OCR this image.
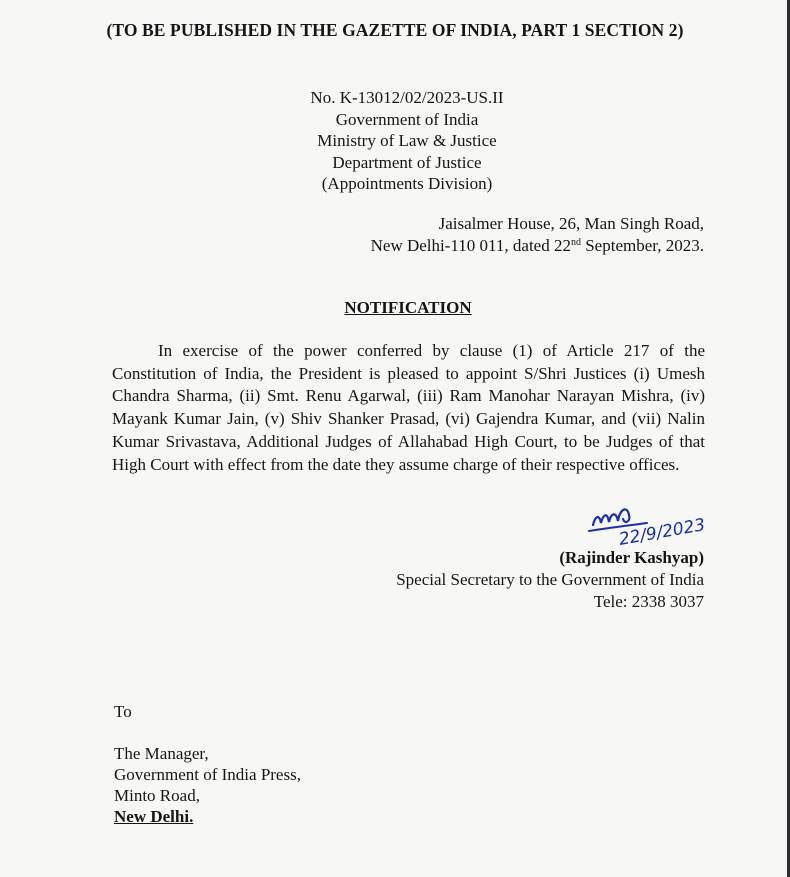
(TO BE PUBLISHED IN THE GAZETTE OF INDIA, PART 1 SECTION 2)
No. K-13012/02/2023-US.II
Government of India
Ministry of Law & Justice
Department of Justice
(Appointments Division)
Jaisalmer House, 26, Man Singh Road,
New Delhi-110 011, dated 22nd September, 2023.
NOTIFICATION
In exercise of the power conferred by clause (1) of Article 217 of the Constitution of India, the President is pleased to appoint S/Shri Justices (i) Umesh Chandra Sharma, (ii) Smt. Renu Agarwal, (iii) Ram Manohar Narayan Mishra, (iv) Mayank Kumar Jain, (v) Shiv Shanker Prasad, (vi) Gajendra Kumar, and (vii) Nalin Kumar Srivastava, Additional Judges of Allahabad High Court, to be Judges of that High Court with effect from the date they assume charge of their respective offices.
22/9/2023
(Rajinder Kashyap)
Special Secretary to the Government of India
Tele: 2338 3037
To
The Manager,
Government of India Press,
Minto Road,
New Delhi.
